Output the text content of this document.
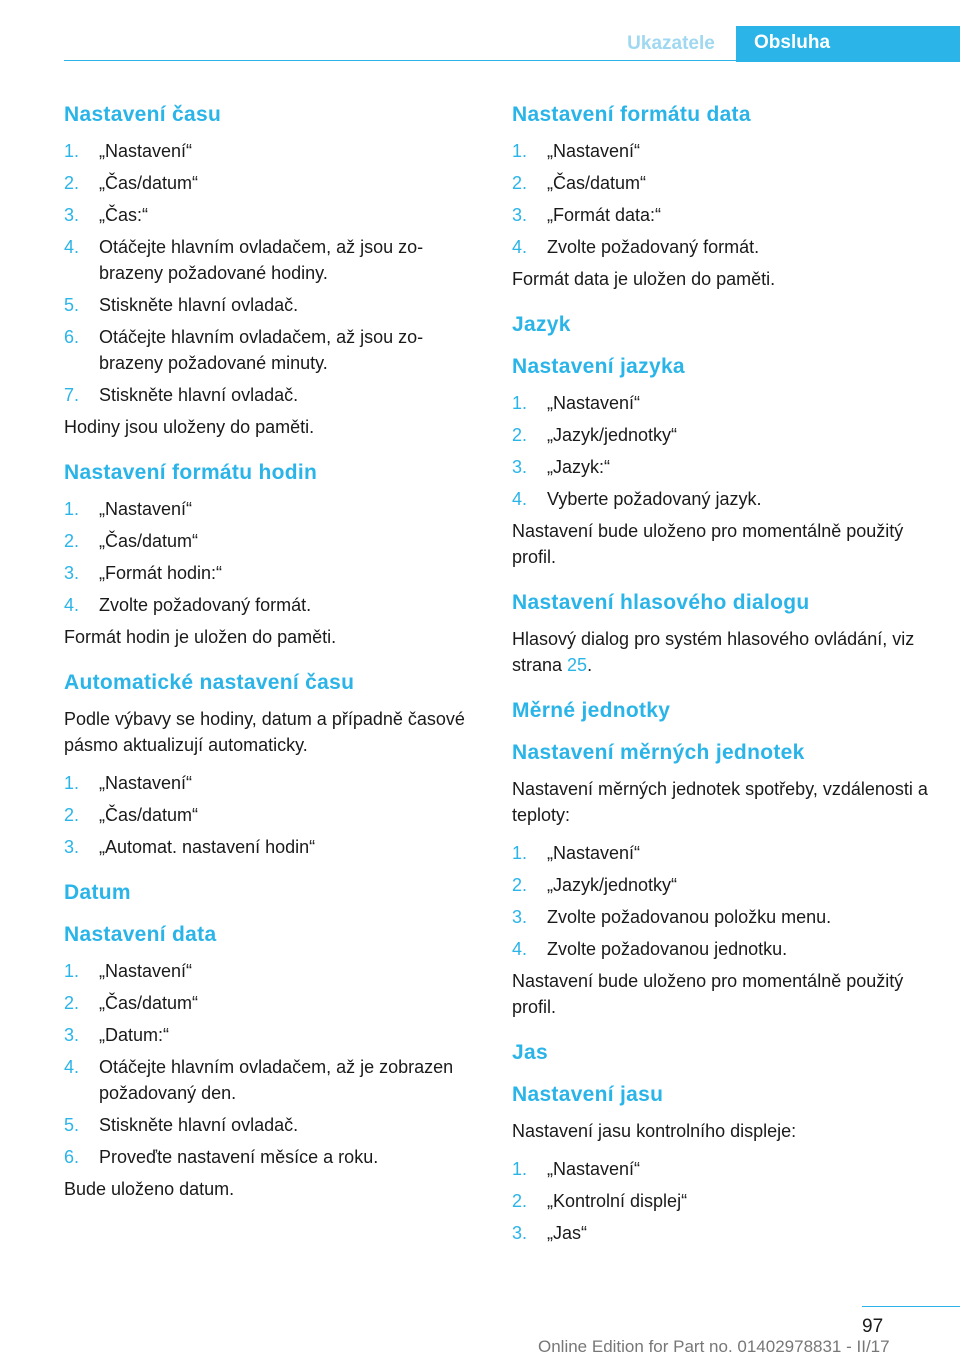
Ukazatele	Obsluha
Nastavení času
1. „Nastavení“
2. „Čas/datum“
3. „Čas:“
4. Otáčejte hlavním ovladačem, až jsou zobrazeny požadované hodiny.
5. Stiskněte hlavní ovladač.
6. Otáčejte hlavním ovladačem, až jsou zobrazeny požadované minuty.
7. Stiskněte hlavní ovladač.

Hodiny jsou uloženy do paměti.

Nastavení formátu hodin
1. „Nastavení“
2. „Čas/datum“
3. „Formát hodin:“
4. Zvolte požadovaný formát.

Formát hodin je uložen do paměti.

Automatické nastavení času

Podle výbavy se hodiny, datum a případně časové pásmo aktualizují automaticky.

1. „Nastavení“
2. „Čas/datum“
3. „Automat. nastavení hodin“
Datum
Nastavení data
1. „Nastavení“
2. „Čas/datum“
3. „Datum:“
4. Otáčejte hlavním ovladačem, až je zobrazen požadovaný den.
5. Stiskněte hlavní ovladač.
6. Proveďte nastavení měsíce a roku.

Bude uloženo datum.

Nastavení formátu data
1. „Nastavení“
2. „Čas/datum“
3. „Formát data:“
4. Zvolte požadovaný formát.

Formát data je uložen do paměti.

Jazyk
Nastavení jazyka
1. „Nastavení“
2. „Jazyk/jednotky“
3. „Jazyk:“
4. Vyberte požadovaný jazyk.

Nastavení bude uloženo pro momentálně použitý profil.

Nastavení hlasového dialogu

Hlasový dialog pro systém hlasového ovládání, viz strana 25.

Měrné jednotky
Nastavení měrných jednotek

Nastavení měrných jednotek spotřeby, vzdálenosti a teploty:

1. „Nastavení“
2. „Jazyk/jednotky“
3. Zvolte požadovanou položku menu.
4. Zvolte požadovanou jednotku.

Nastavení bude uloženo pro momentálně použitý profil.

Jas
Nastavení jasu

Nastavení jasu kontrolního displeje:

1. „Nastavení“
2. „Kontrolní displej“
3. „Jas“
97
Online Edition for Part no. 01402978831 - II/17
